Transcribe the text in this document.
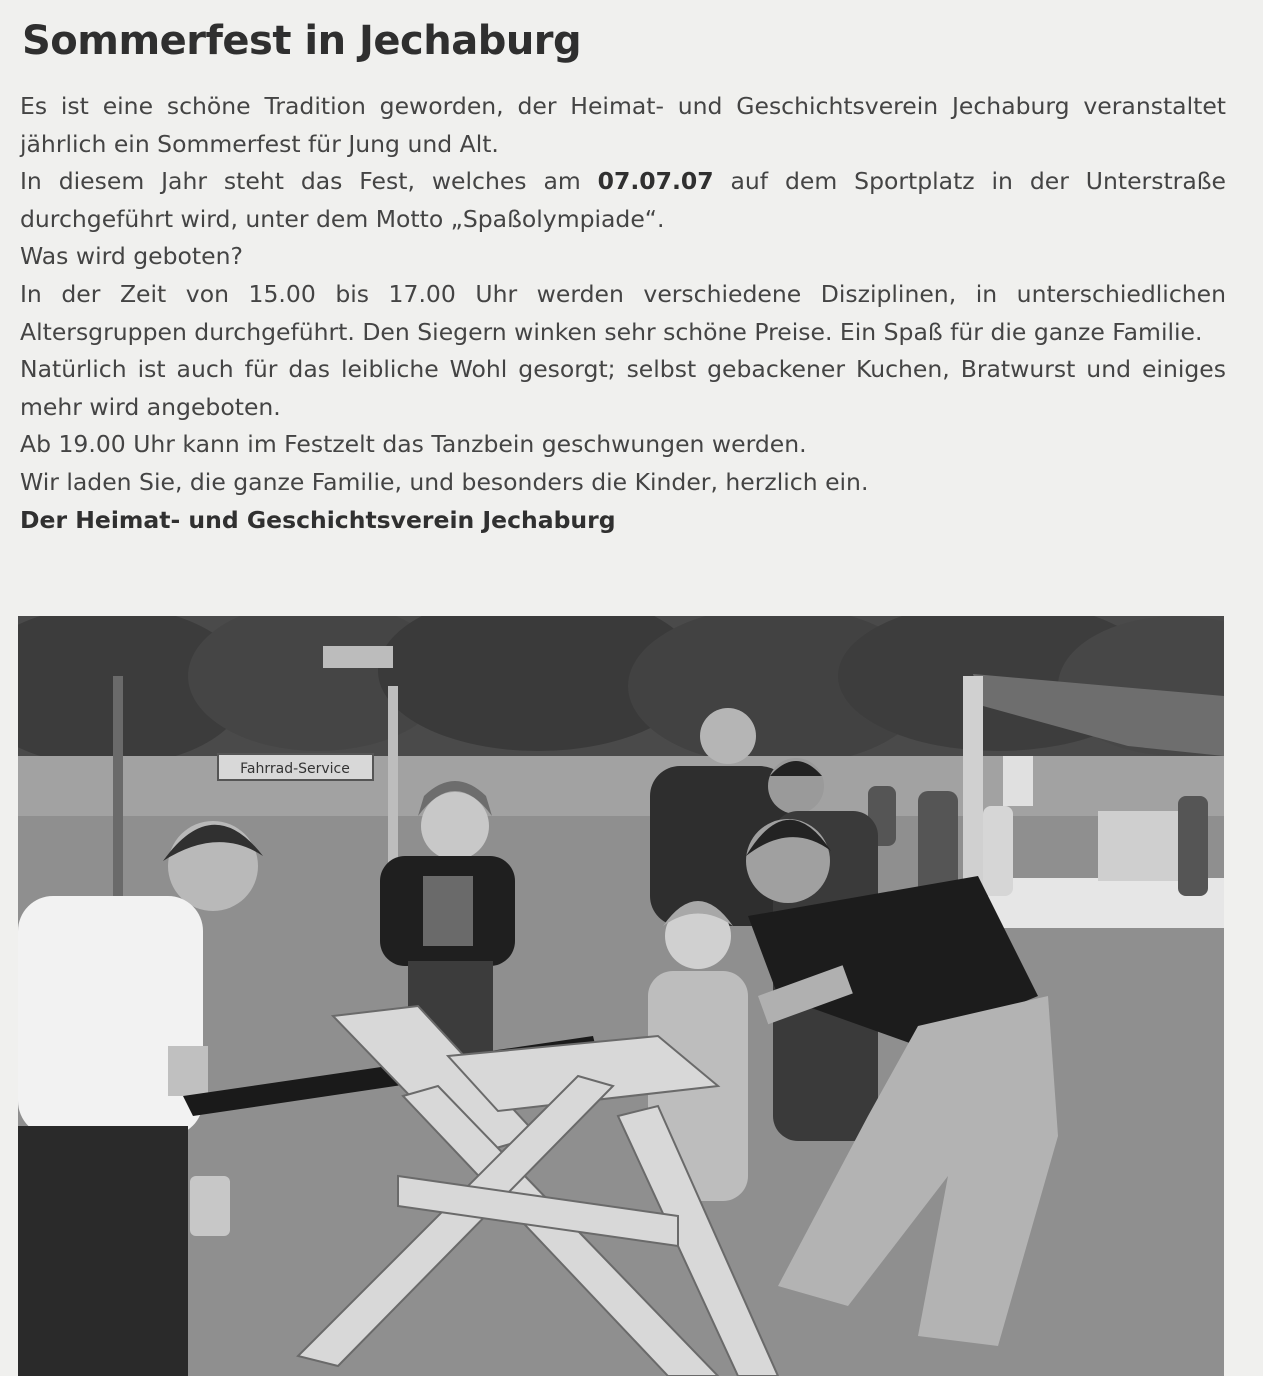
Sommerfest in Jechaburg

Es ist eine schöne Tradition geworden, der Heimat- und Geschichtsverein Jechaburg veranstaltet jährlich ein Sommerfest für Jung und Alt.

In diesem Jahr steht das Fest, welches am 07.07.07 auf dem Sportplatz in der Unterstraße durchgeführt wird, unter dem Motto „Spaßolympiade“.

Was wird geboten?

In der Zeit von 15.00 bis 17.00 Uhr werden verschiedene Disziplinen, in unterschiedlichen Altersgruppen durchgeführt. Den Siegern winken sehr schöne Preise. Ein Spaß für die ganze Familie.

Natürlich ist auch für das leibliche Wohl gesorgt; selbst gebackener Kuchen, Bratwurst und einiges mehr wird angeboten.

Ab 19.00 Uhr kann im Festzelt das Tanzbein geschwungen werden.

Wir laden Sie, die ganze Familie, und besonders die Kinder, herzlich ein.

Der Heimat- und Geschichtsverein Jechaburg

Fahrrad-Service
